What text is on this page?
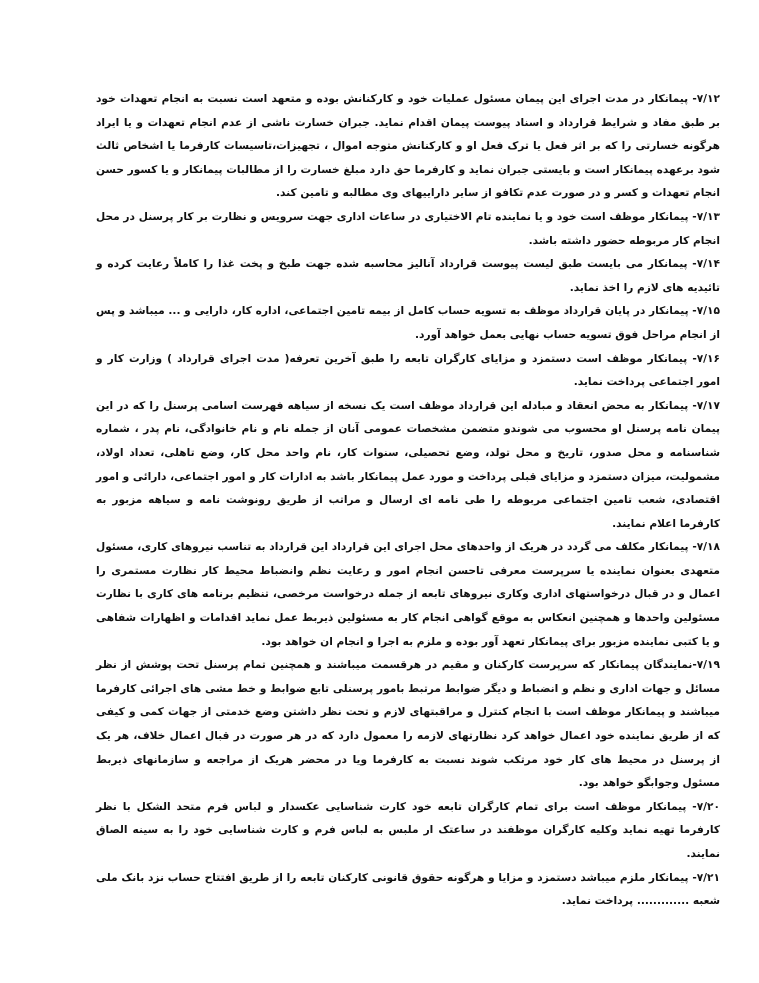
۷/۱۲- پیمانکار در مدت اجرای این پیمان مسئول عملیات خود و کارکنانش بوده و متعهد است نسبت به انجام تعهدات خود بر طبق مفاد و شرایط قرارداد و اسناد پیوست پیمان اقدام نماید. جبران خسارت ناشی از عدم انجام تعهدات و یا ایراد هرگونه خسارتی را که بر اثر فعل یا ترک فعل او و کارکنانش متوجه اموال ، تجهیزات،تاسیسات کارفرما یا اشخاص ثالث شود برعهده پیمانکار است و بایستی جبران نماید و کارفرما حق دارد مبلغ خسارت را از مطالبات پیمانکار و یا کسور حسن انجام تعهدات و کسر و در صورت عدم تکافو از سایر داراییهای وی مطالبه و تامین کند.

۷/۱۳- پیمانکار موظف است خود و یا نماینده تام الاختیاری در ساعات اداری جهت سرویس و نظارت بر کار پرسنل در محل انجام کار مربوطه حضور داشته باشد.

۷/۱۴- پیمانکار می بایست طبق لیست پیوست قرارداد آنالیز محاسبه شده جهت طبخ و پخت غذا را کاملاً رعایت کرده و تائیدیه های لازم را اخذ نماید.

۷/۱۵- پیمانکار در پایان قرارداد موظف به تسویه حساب کامل از بیمه تامین اجتماعی، اداره کار، دارایی و ... میباشد و پس از انجام مراحل فوق تسویه حساب نهایی بعمل خواهد آورد.

۷/۱۶- پیمانکار موظف است دستمزد و مزایای کارگران تابعه را طبق آخرین تعرفه( مدت اجرای قرارداد ) وزارت کار و امور اجتماعی پرداخت نماید.

۷/۱۷- پیمانکار به محض انعقاد و مبادله این قرارداد موظف است یک نسخه از سیاهه فهرست اسامی پرسنل را که در این پیمان نامه پرسنل او محسوب می شوندو متضمن مشخصات عمومی آنان از جمله نام و نام خانوادگی، نام پدر ، شماره شناسنامه و محل صدور، تاریخ و محل تولد، وضع تحصیلی، سنوات کار، نام واحد محل کار، وضع تاهلی، تعداد اولاد، مشمولیت، میزان دستمزد و مزایای قبلی پرداخت و مورد عمل پیمانکار باشد به ادارات کار و امور اجتماعی، دارائی و امور اقتصادی، شعب تامین اجتماعی مربوطه را طی نامه ای ارسال و مراتب از طریق رونوشت نامه و سیاهه مزبور به کارفرما اعلام نمایند.

۷/۱۸- پیمانکار مکلف می گردد در هریک از واحدهای محل اجرای این قرارداد این قرارداد به تناسب نیروهای کاری، مسئول متعهدی بعنوان نماینده یا سرپرست معرفی تاحسن انجام امور و رعایت نظم وانضباط محیط کار نظارت مستمری را اعمال و در قبال درخواستهای اداری وکاری نیروهای تابعه از جمله درخواست مرخصی، تنظیم برنامه های کاری با نظارت مسئولین واحدها و همچنین انعکاس به موقع گواهی انجام کار به مسئولین ذیربط عمل نماید اقدامات و اظهارات شفاهی و یا کتبی نماینده مزبور برای پیمانکار تعهد آور بوده و ملزم به اجرا و انجام ان خواهد بود.

۷/۱۹-نمایندگان پیمانکار که سرپرست کارکنان و مقیم در هرقسمت میباشند و همچنین تمام پرسنل تحت پوشش از نظر مسائل و جهات اداری و نظم و انضباط و دیگر ضوابط مرتبط بامور پرسنلی تابع ضوابط و خط مشی های اجرائی کارفرما میباشند و پیمانکار موظف است با انجام کنترل و مراقبتهای لازم و تحت نظر داشتن وضع خدمتی از جهات کمی و کیفی که از طریق نماینده خود اعمال خواهد کرد نظارتهای لازمه را معمول دارد که در هر صورت در قبال اعمال خلاف، هر یک از پرسنل در محیط های کار خود مرتکب شوند نسبت به کارفرما ویا در محضر هریک از مراجعه و سازمانهای ذیربط مسئول وجوابگو خواهد بود.

۷/۲۰- پیمانکار موظف است برای تمام کارگران تابعه خود کارت شناسایی عکسدار و لباس فرم متحد الشکل با نظر کارفرما تهیه نماید وکلیه کارگران موظفند در ساعتک ار ملبس به لباس فرم و کارت شناسایی خود را به سینه الصاق نمایند.

۷/۲۱- پیمانکار ملزم میباشد دستمزد و مزایا و هرگونه حقوق قانونی کارکنان تابعه را از طریق افتتاح حساب نزد بانک ملی شعبه ............. پرداخت نماید.
